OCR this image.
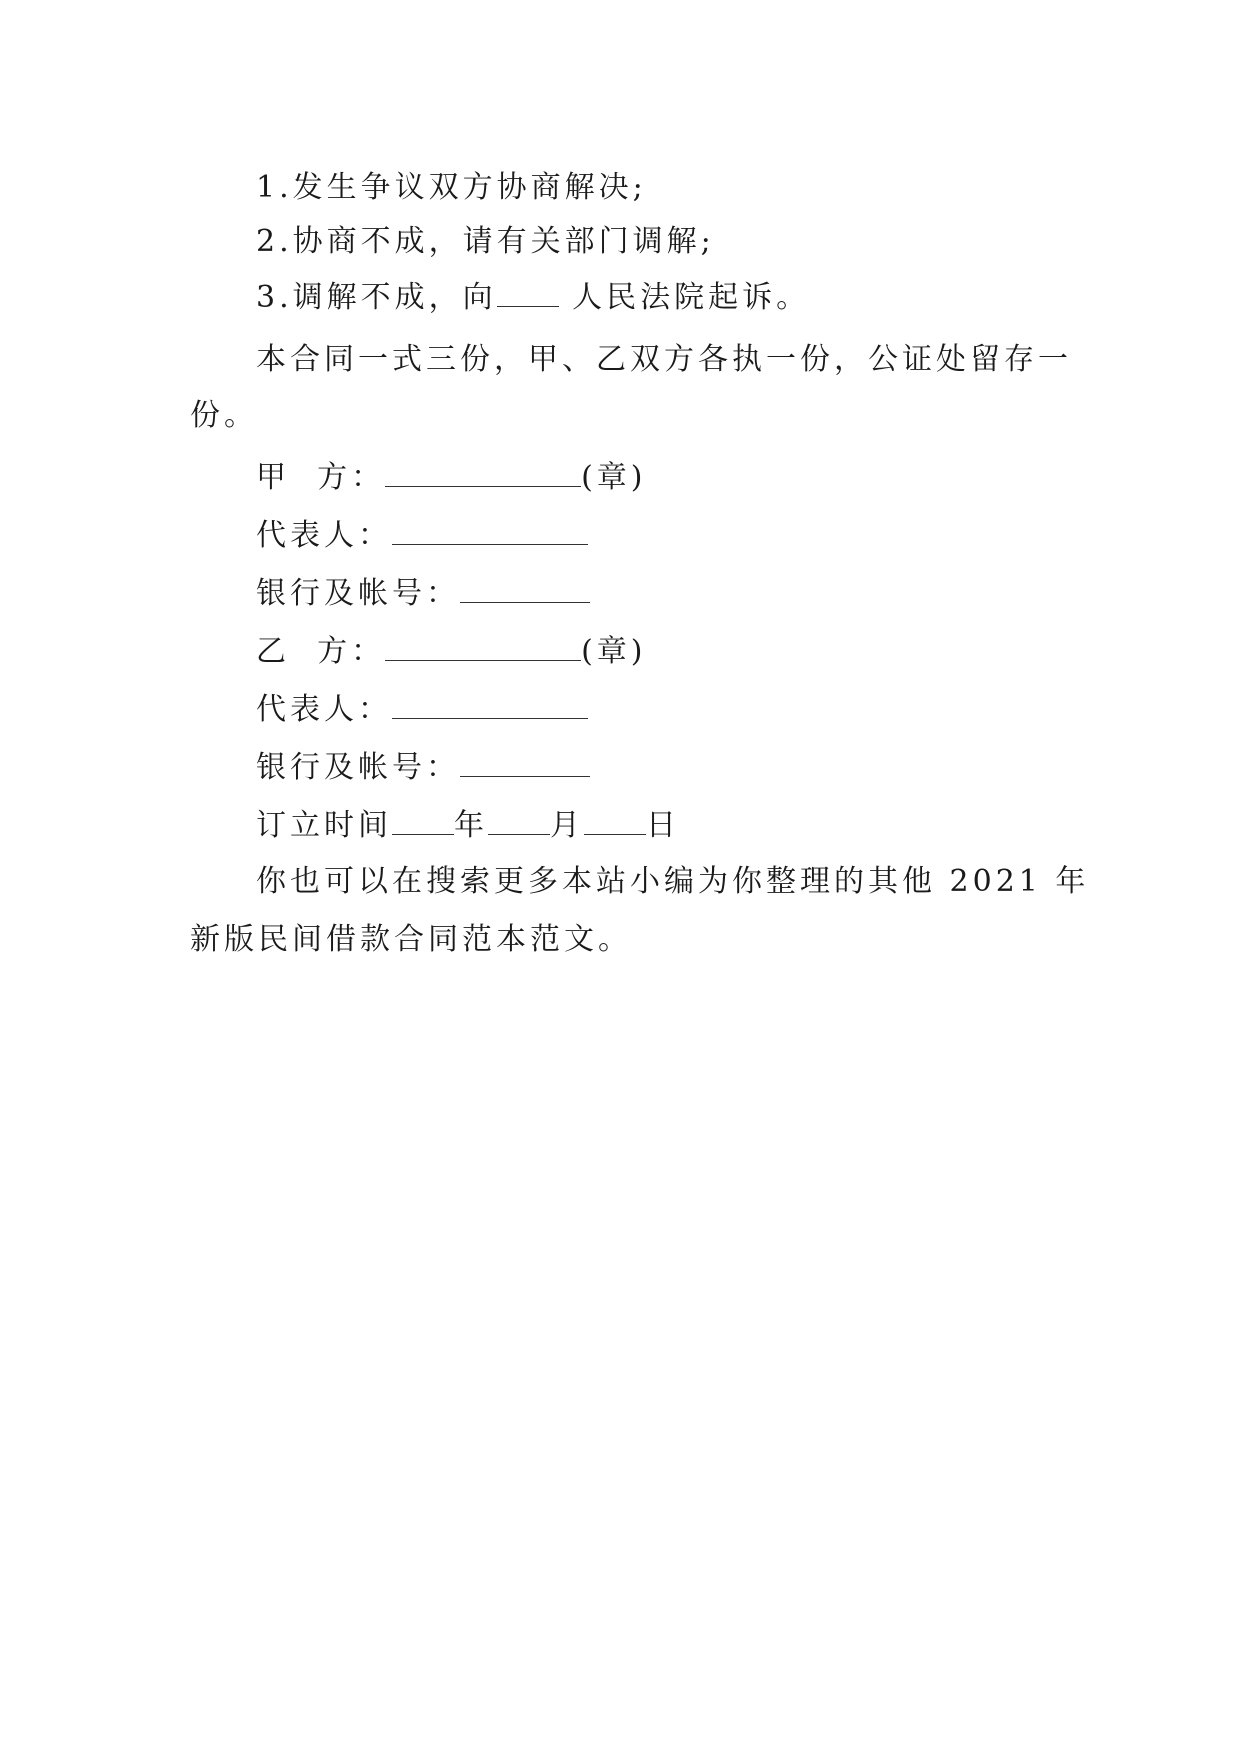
1.发生争议双方协商解决;
2.协商不成，请有关部门调解;
3.调解不成，向	人民法院起诉。
本合同一式三份，甲、乙双方各执一份，公证处留存一
份。
甲  方：	(章)
代表人：
银行及帐号：
乙  方：	(章)
代表人：
银行及帐号：
订立时间 年 月 日
你也可以在搜索更多本站小编为你整理的其他 2021 年
新版民间借款合同范本范文。
